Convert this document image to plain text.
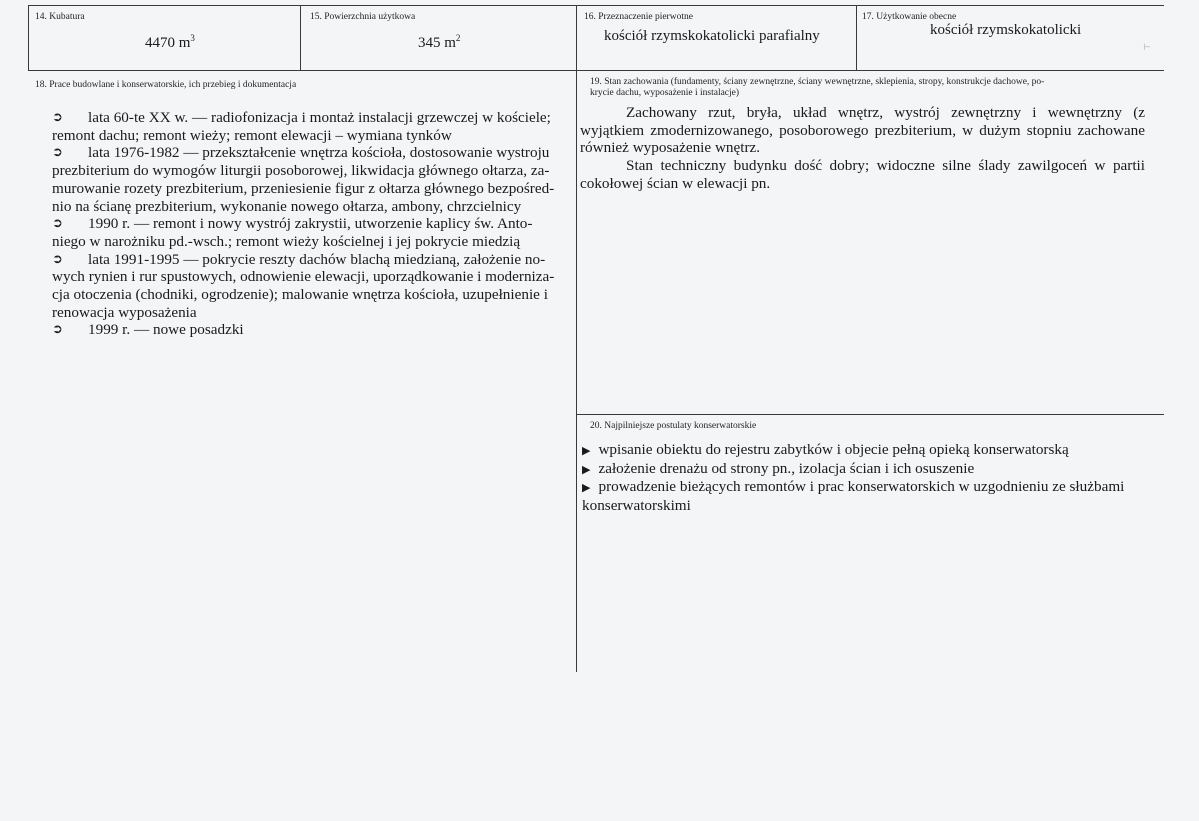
14. Kubatura
4470 $m^3$
15. Powierzchnia użytkowa
345 $m^2$
16. Przeznaczenie pierwotne
kościół rzymskokatolicki parafialny
17. Użytkowanie obecne
kościół rzymskokatolicki
⊢
18. Prace budowlane i konserwatorskie, ich przebieg i dokumentacja
➲ lata 60-te XX w. — radiofonizacja i montaż instalacji grzewczej w kościele;
remont dachu; remont wieży; remont elewacji – wymiana tynków
➲ lata 1976-1982 — przekształcenie wnętrza kościoła, dostosowanie wystroju
prezbiterium do wymogów liturgii posoborowej, likwidacja głównego ołtarza, za-
murowanie rozety prezbiterium, przeniesienie figur z ołtarza głównego bezpośred-
nio na ścianę prezbiterium, wykonanie nowego ołtarza, ambony, chrzcielnicy
➲ 1990 r. — remont i nowy wystrój zakrystii, utworzenie kaplicy św. Anto-
niego w narożniku pd.-wsch.; remont wieży kościelnej i jej pokrycie miedzią
➲ lata 1991-1995 — pokrycie reszty dachów blachą miedzianą, założenie no-
wych rynien i rur spustowych, odnowienie elewacji, uporządkowanie i moderniza-
cja otoczenia (chodniki, ogrodzenie); malowanie wnętrza kościoła, uzupełnienie i
renowacja wyposażenia
➲ 1999 r. — nowe posadzki
19. Stan zachowania (fundamenty, ściany zewnętrzne, ściany wewnętrzne, sklepienia, stropy, konstrukcje dachowe, po-
krycie dachu, wyposażenie i instalacje)
Zachowany rzut, bryła, układ wnętrz, wystrój zewnętrzny i wewnętrzny (z wyjątkiem zmodernizowanego, posoborowego prezbiterium, w dużym stopniu zachowane również wyposażenie wnętrz.
Stan techniczny budynku dość dobry; widoczne silne ślady zawilgoceń w partii cokołowej ścian w elewacji pn.
20. Najpilniejsze postulaty konserwatorskie
▶ wpisanie obiektu do rejestru zabytków i objecie pełną opieką konserwatorską
▶ założenie drenażu od strony pn., izolacja ścian i ich osuszenie
▶ prowadzenie bieżących remontów i prac konserwatorskich w uzgodnieniu ze służbami konserwatorskimi
